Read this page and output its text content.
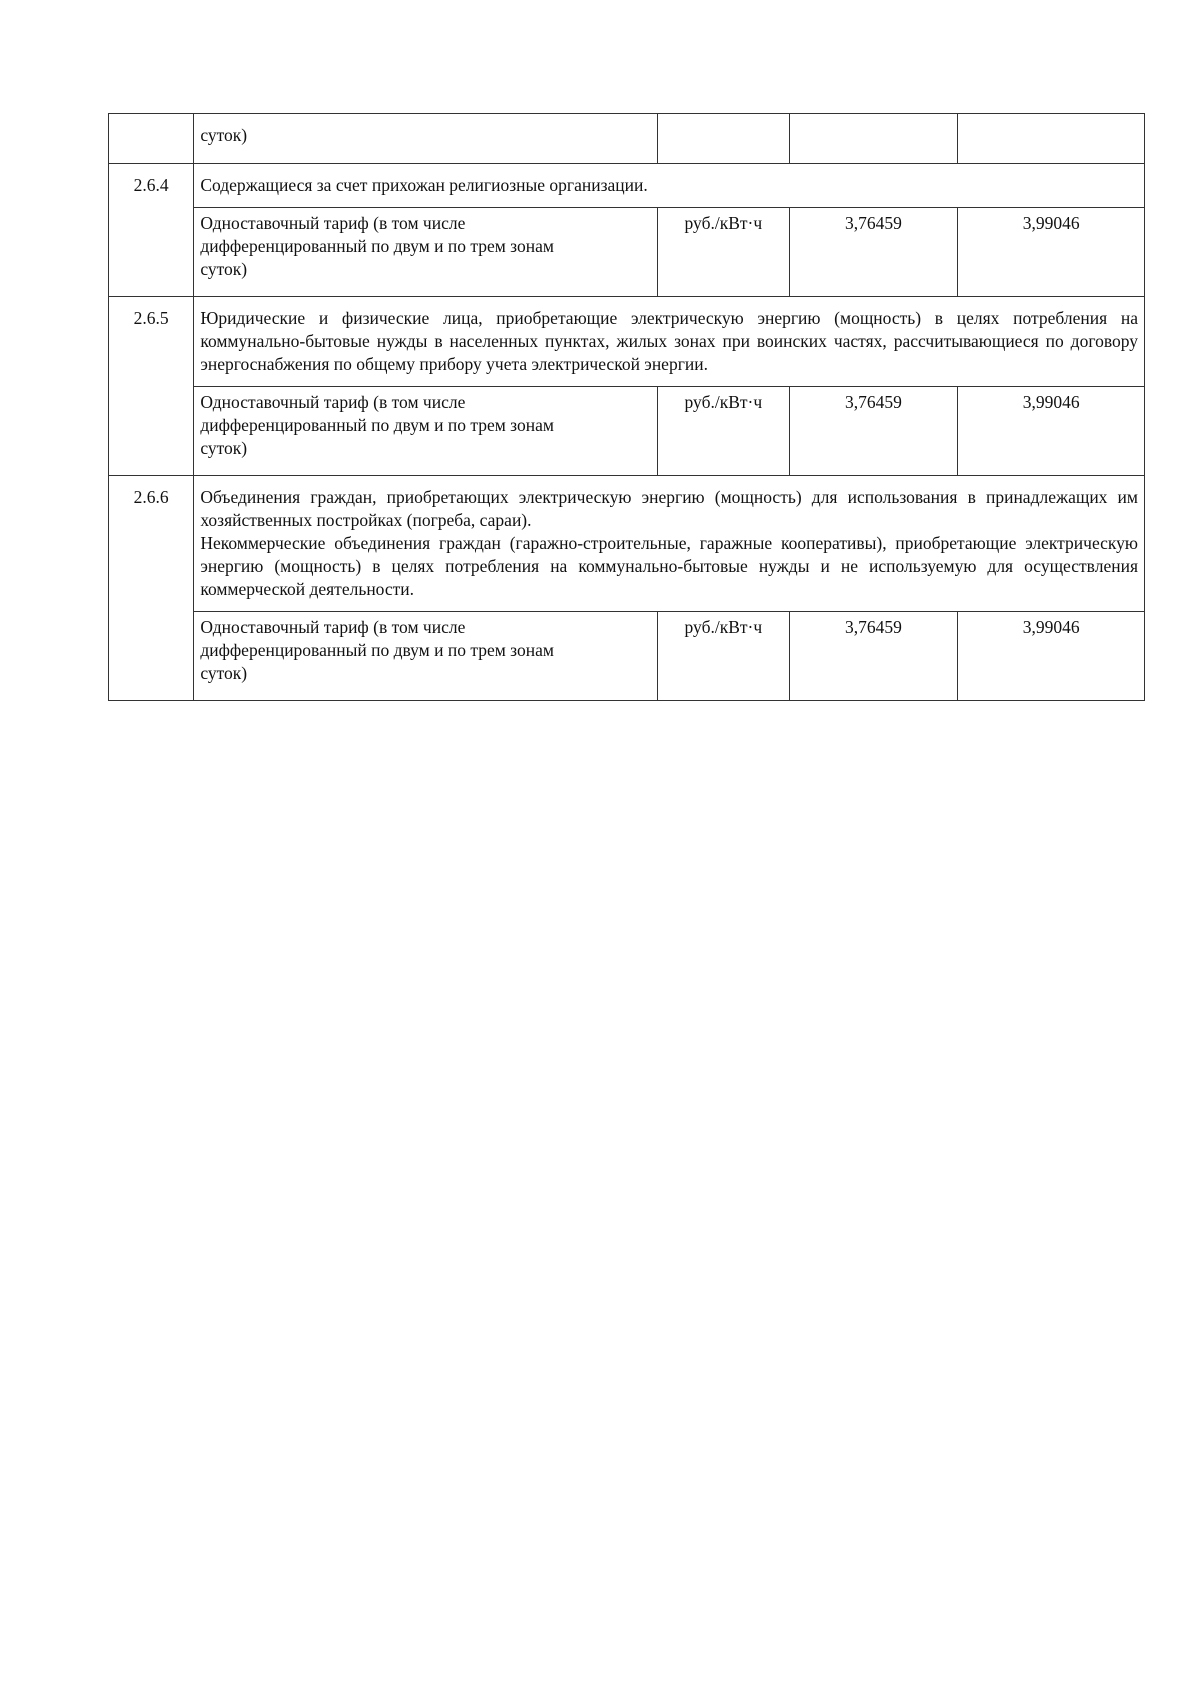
	суток)			
2.6.4	Содержащиеся за счет прихожан религиозные организации.			

	Одноставочный тариф (в том числе
дифференцированный по двум и по трем зонам
суток)	руб./кВт·ч	3,76459	3,99046
2.6.5	Юридические и физические лица, приобретающие электрическую энергию (мощность) в целях потребления на коммунально-бытовые нужды в населенных пунктах, жилых зонах при воинских частях, рассчитывающиеся по договору энергоснабжения по общему прибору учета электрической энергии.			

	Одноставочный тариф (в том числе
дифференцированный по двум и по трем зонам
суток)	руб./кВт·ч	3,76459	3,99046
2.6.6	Объединения граждан, приобретающих электрическую энергию (мощность) для использования в принадлежащих им хозяйственных постройках (погреба, сараи).
Некоммерческие объединения граждан (гаражно-строительные, гаражные кооперативы), приобретающие электрическую энергию (мощность) в целях потребления на коммунально-бытовые нужды и не используемую для осуществления коммерческой деятельности.			

	Одноставочный тариф (в том числе
дифференцированный по двум и по трем зонам
суток)	руб./кВт·ч	3,76459	3,99046
